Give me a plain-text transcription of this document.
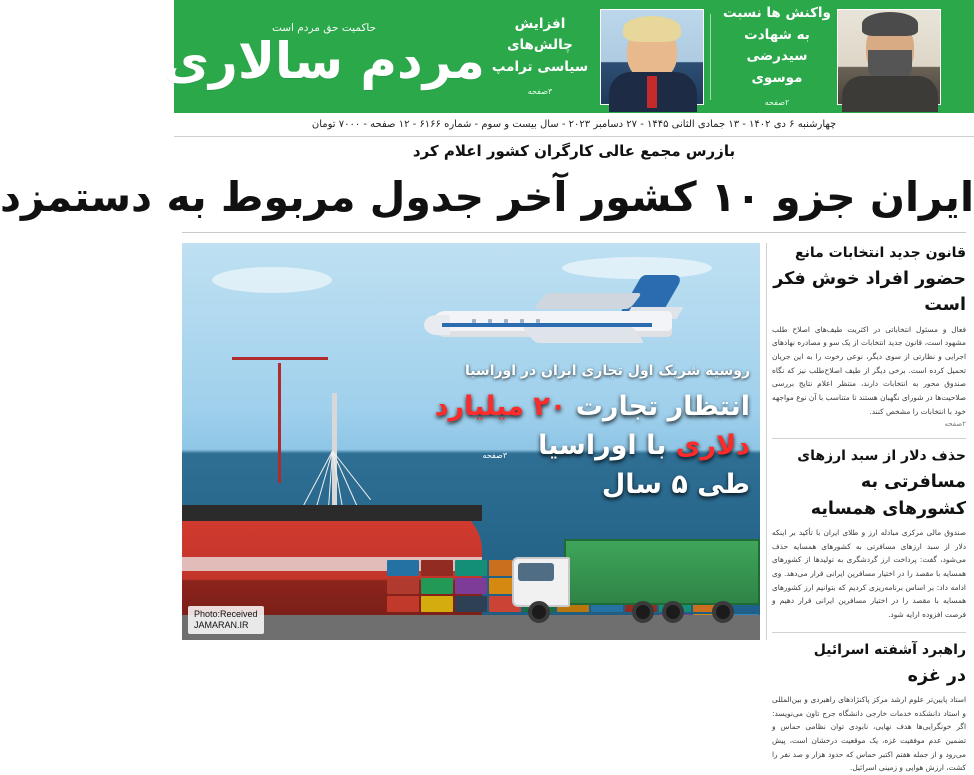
حاکمیت حق مردم است
مردم سالاری
افزایش چالش‌های سیاسی ترامپ
۳صفحه
واکنش ها نسبت به شهادت سیدرضی موسوی
۲صفحه
چهارشنبه ۶ دی ۱۴۰۲ - ۱۳ جمادی الثانی ۱۴۴۵ - ۲۷ دسامبر ۲۰۲۳ - سال بیست و سوم - شماره ۶۱۶۶ - ۱۲ صفحه - ۷۰۰۰ تومان
بازرس مجمع عالی کارگران کشور اعلام کرد
ایران جزو ۱۰ کشور آخر جدول مربوط به دستمزد
روسیه شریک اول تجاری ایران در اوراسیا
انتظار تجارت ۲۰ میلیارد دلاری با اوراسیا
طی ۵ سال
۳صفحه
Photo:Received
JAMARAN.IR
قانون جدید انتخابات مانع
حضور افراد خوش فکر است
فعال و مسئول انتخاباتی در اکثریت طیف‌های اصلاح طلب مشهود است، قانون جدید انتخابات از یک سو و مصادره نهادهای اجرایی و نظارتی از سوی دیگر، نوعی رخوت را به این جریان تحمیل کرده است. برخی دیگر از طیف اصلاح‌طلب نیز که نگاه صندوق محور به انتخابات دارند، منتظر اعلام نتایج بررسی صلاحیت‌ها در شورای نگهبان هستند تا متناسب با آن نوع مواجهه خود با انتخابات را مشخص کنند.
۲صفحه
حذف دلار از سبد ارزهای
مسافرتی به کشورهای همسایه
صندوق مالی مرکزی مبادله ارز و طلای ایران با تأکید بر اینکه دلار از سبد ارزهای مسافرتی به کشورهای همسایه حذف می‌شود، گفت: پرداخت ارز گردشگری به تولیدها از کشورهای همسایه با مقصد را در اختیار مسافرین ایرانی قرار می‌دهد. وی ادامه داد: بر اساس برنامه‌ریزی کردیم که بتوانیم ارز کشورهای همسایه با مقصد را در اختیار مسافرین ایرانی قرار دهیم و فرصت افزوده ارایه شود.
راهبرد آشفته اسرائیل
در غزه
استاد پایین‌تر علوم ارشد مرکز پاکنژادهای راهبردی و بین‌المللی و استاد دانشکده خدمات خارجی دانشگاه جرج تاون می‌نویسد: اگر خونگرایی‌ها هدف نهایی، نابودی توان نظامی حماس و تضمین عدم موفقیت غزه، یک موقعیت درخشان است، پیش می‌رود و از جمله هفتم اکتبر حماس که حدود هزار و صد نفر را کشت، ارزش هوایی و زمینی اسرائیل.
